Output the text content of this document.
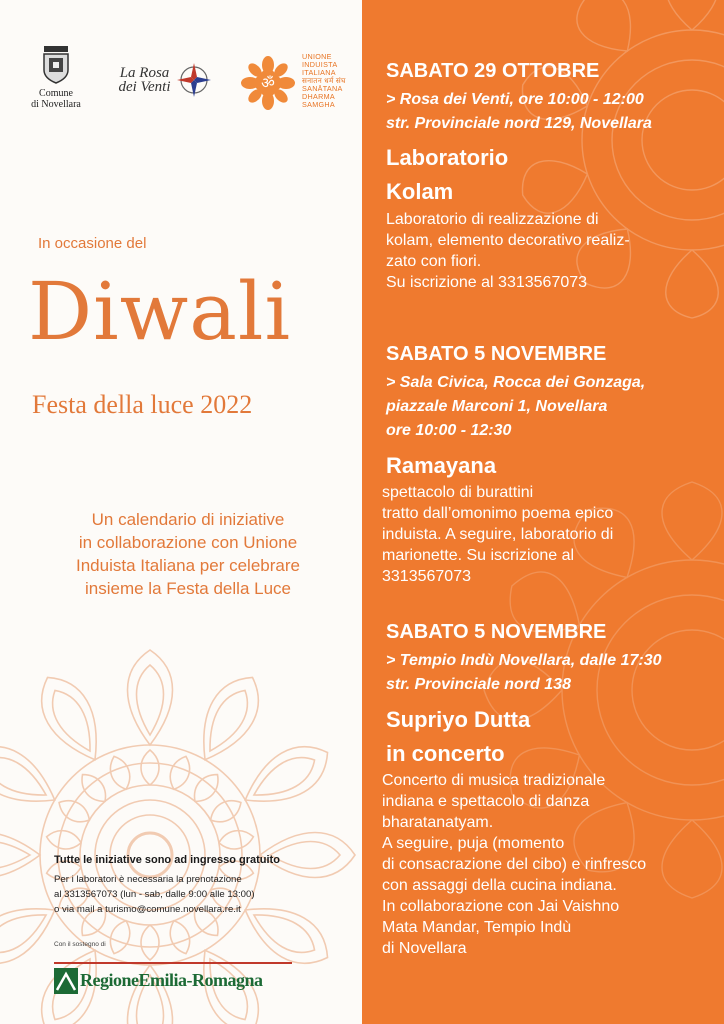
Comune
di Novellara
La Rosa
dei Venti	ॐ
UNIONE
INDUISTA
ITALIANA
सनातन धर्म संघ
SANĀTANA
DHARMA
SAMGHA
In occasione del
Diwali
Festa della luce 2022
Un calendario di iniziative
in collaborazione con Unione
Induista Italiana per celebrare
insieme la Festa della Luce
Tutte le iniziative sono ad ingresso gratuito
Per i laboratori è necessaria la prenotazione
al 3313567073 (lun - sab, dalle 9:00 alle 13:00)
o via mail a turismo@comune.novellara.re.it
Con il sostegno di
RegioneEmilia-Romagna
SABATO 29 OTTOBRE
> Rosa dei Venti, ore 10:00 - 12:00
str. Provinciale nord 129, Novellara
Laboratorio
Kolam
Laboratorio di realizzazione di
kolam, elemento decorativo realiz-
zato con fiori.
Su iscrizione al 3313567073
SABATO 5 NOVEMBRE
> Sala Civica, Rocca dei Gonzaga,
piazzale Marconi 1, Novellara
ore 10:00 - 12:30
Ramayana
spettacolo di burattini
tratto dall’omonimo poema epico
induista. A seguire, laboratorio di
marionette. Su iscrizione al
3313567073
SABATO 5 NOVEMBRE
> Tempio Indù Novellara, dalle 17:30
str. Provinciale nord 138
Supriyo Dutta
in concerto
Concerto di musica tradizionale
indiana e spettacolo di danza
bharatanatyam.
A seguire, puja (momento
di consacrazione del cibo) e rinfresco
con assaggi della cucina indiana.
In collaborazione con Jai Vaishno
Mata Mandar, Tempio Indù
di Novellara
